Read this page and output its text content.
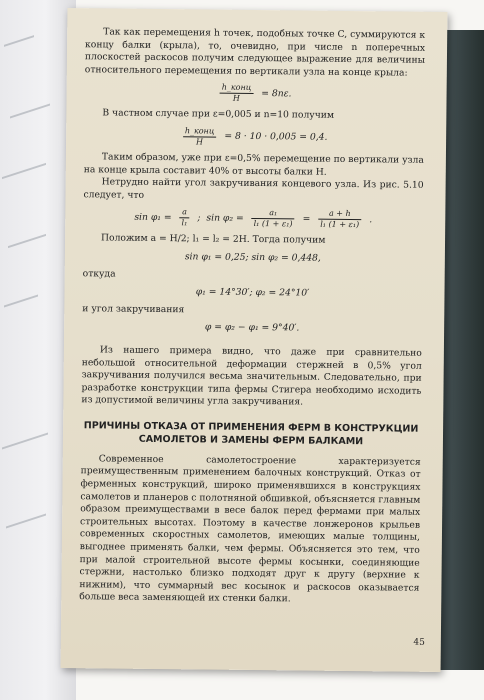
Так как перемещения h точек, подобных точке C, суммируются к концу балки (крыла), то, очевидно, при числе n поперечных плоскостей раскосов получим следующее выражение для величины относительного перемещения по вертикали узла на конце крыла:

$\frac{\text{h\_конц}}{H} = 8n\varepsilon$.

В частном случае при ε=0,005 и n=10 получим

$\frac{\text{h\_конц}}{H} = 8 \cdot 10 \cdot 0,005 = 0,4$.

Таким образом, уже при ε=0,5% перемещение по вертикали узла на конце крыла составит 40% от высоты балки H.

Нетрудно найти угол закручивания концевого узла. Из рис. 5.10 следует, что

$\sin \varphi_1 = \frac{a}{\text{l₁}}$ ; $\sin \varphi_2 = \frac{\text{a₁}}{\text{l₁ (1 + ε₁)}} = \frac{a + h}{\text{l₁ (1 + ε₁)}}$ .

Положим a = H/2; l₁ = l₂ = 2H. Тогда получим

sin φ₁ = 0,25; sin φ₂ = 0,448,

откуда

φ₁ = 14°30′; φ₂ = 24°10′

и угол закручивания

φ = φ₂ − φ₁ = 9°40′.

Из нашего примера видно, что даже при сравнительно небольшой относительной деформации стержней в 0,5% угол закручивания получился весьма значительным. Следовательно, при разработке конструкции типа фермы Стигера необходимо исходить из допустимой величины угла закручивания.

ПРИЧИНЫ ОТКАЗА ОТ ПРИМЕНЕНИЯ ФЕРМ В КОНСТРУКЦИИ САМОЛЕТОВ И ЗАМЕНЫ ФЕРМ БАЛКАМИ

Современное самолетостроение характеризуется преимущественным применением балочных конструкций. Отказ от ферменных конструкций, широко применявшихся в конструкциях самолетов и планеров с полотняной обшивкой, объясняется главным образом преимуществами в весе балок перед фермами при малых строительных высотах. Поэтому в качестве лонжеронов крыльев современных скоростных самолетов, имеющих малые толщины, выгоднее применять балки, чем фермы. Объясняется это тем, что при малой строительной высоте фермы косынки, соединяющие стержни, настолько близко подходят друг к другу (верхние к нижним), что суммарный вес косынок и раскосов оказывается больше веса заменяющей их стенки балки.

45
